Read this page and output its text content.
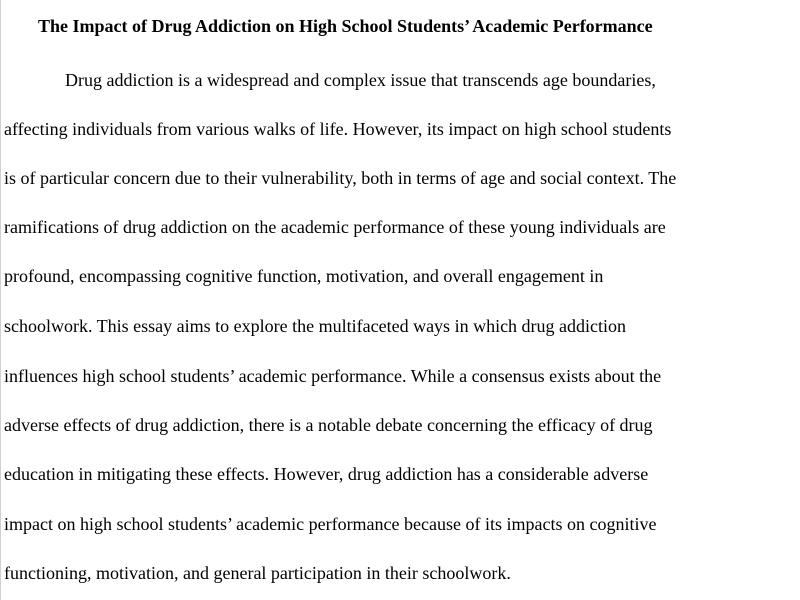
The Impact of Drug Addiction on High School Students’ Academic Performance

Drug addiction is a widespread and complex issue that transcends age boundaries,

affecting individuals from various walks of life. However, its impact on high school students

is of particular concern due to their vulnerability, both in terms of age and social context. The

ramifications of drug addiction on the academic performance of these young individuals are

profound, encompassing cognitive function, motivation, and overall engagement in

schoolwork. This essay aims to explore the multifaceted ways in which drug addiction

influences high school students’ academic performance. While a consensus exists about the

adverse effects of drug addiction, there is a notable debate concerning the efficacy of drug

education in mitigating these effects. However, drug addiction has a considerable adverse

impact on high school students’ academic performance because of its impacts on cognitive

functioning, motivation, and general participation in their schoolwork.
